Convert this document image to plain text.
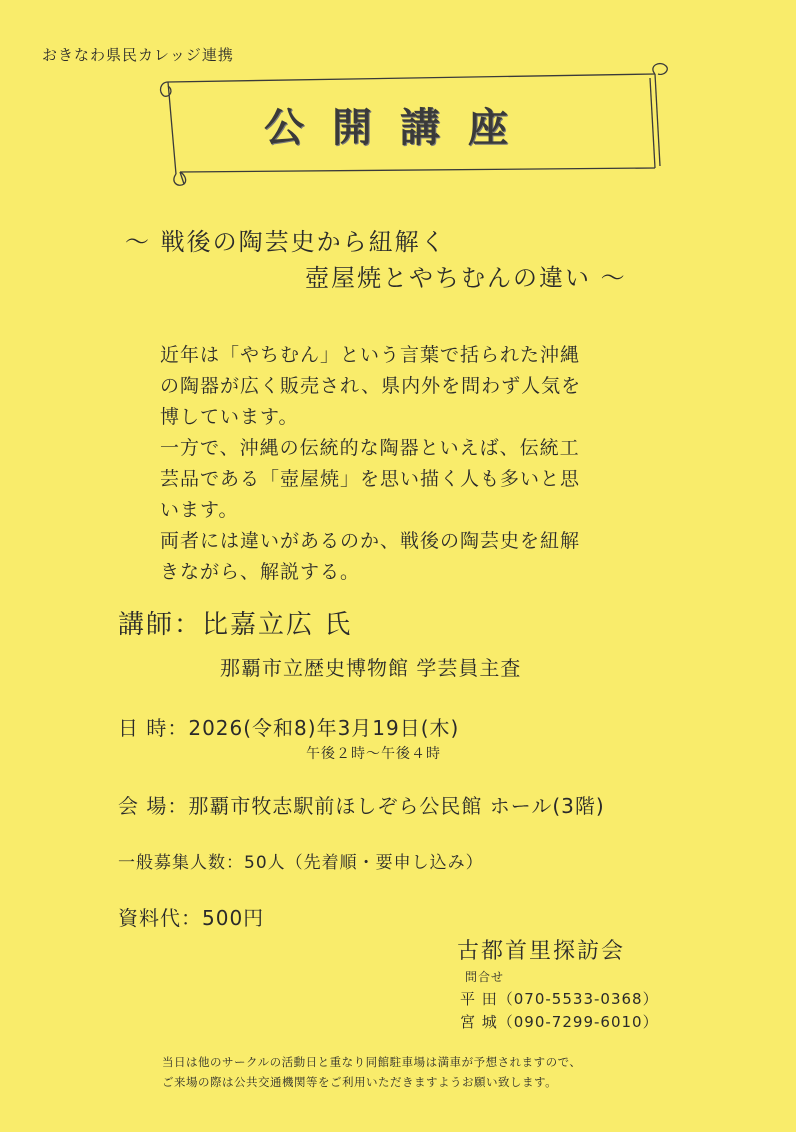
おきなわ県民カレッジ連携
公開講座
〜 戦後の陶芸史から紐解く
壺屋焼とやちむんの違い 〜

近年は「やちむん」という言葉で括られた沖縄

の陶器が広く販売され、県内外を問わず人気を

博しています。

一方で、沖縄の伝統的な陶器といえば、伝統工

芸品である「壺屋焼」を思い描く人も多いと思

います。

両者には違いがあるのか、戦後の陶芸史を紐解

きながら、解説する。

講師：比嘉立広 氏
那覇市立歴史博物館 学芸員主査
日 時：2026(令和8)年3月19日(木)
午後２時〜午後４時
会 場：那覇市牧志駅前ほしぞら公民館 ホール(3階)
一般募集人数：50人（先着順・要申し込み）
資料代：500円
古都首里探訪会
問合せ
平 田（070-5533-0368）
宮 城（090-7299-6010）
当日は他のサークルの活動日と重なり同館駐車場は満車が予想されますので、
ご来場の際は公共交通機関等をご利用いただきますようお願い致します。
